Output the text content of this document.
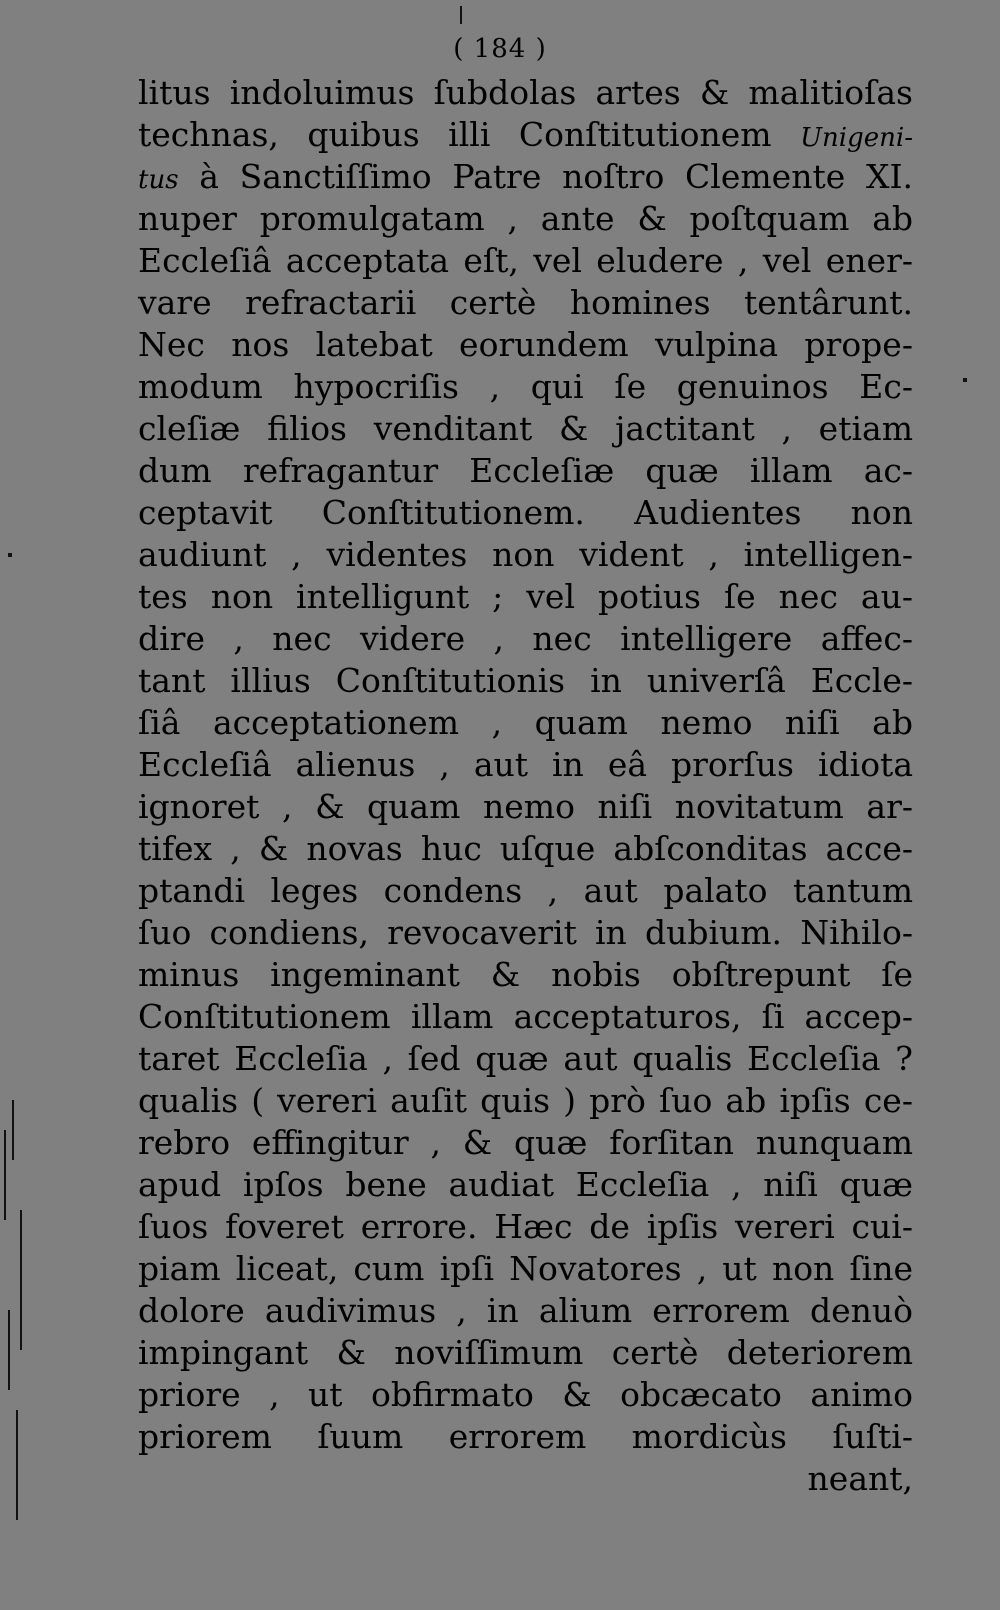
( 184 )
litus indoluimus ſubdolas artes & malitioſas
technas, quibus illi Conſtitutionem Unigeni-
tus à Sanctiſſimo Patre noſtro Clemente XI.
nuper promulgatam , ante & poſtquam ab
Eccleſiâ acceptata eſt, vel eludere , vel ener-
vare refractarii certè homines tentârunt.
Nec nos latebat eorundem vulpina prope-
modum hypocriſis , qui ſe genuinos Ec-
cleſiæ filios venditant & jactitant , etiam
dum refragantur Eccleſiæ quæ illam ac-
ceptavit Conſtitutionem. Audientes non
audiunt , videntes non vident , intelligen-
tes non intelligunt ; vel potius ſe nec au-
dire , nec videre , nec intelligere affec-
tant illius Conſtitutionis in univerſâ Eccle-
ſiâ acceptationem , quam nemo niſi ab
Eccleſiâ alienus , aut in eâ prorſus idiota
ignoret , & quam nemo niſi novitatum ar-
tifex , & novas huc uſque abſconditas acce-
ptandi leges condens , aut palato tantum
ſuo condiens, revocaverit in dubium. Nihilo-
minus ingeminant & nobis obſtrepunt ſe
Conſtitutionem illam acceptaturos, ſi accep-
taret Eccleſia , ſed quæ aut qualis Eccleſia ?
qualis ( vereri auſit quis ) prò ſuo ab ipſis ce-
rebro effingitur , & quæ forſitan nunquam
apud ipſos bene audiat Eccleſia , niſi quæ
ſuos foveret errore. Hæc de ipſis vereri cui-
piam liceat, cum ipſi Novatores , ut non ſine
dolore audivimus , in alium errorem denuò
impingant & noviſſimum certè deteriorem
priore , ut obfirmato & obcæcato animo
priorem ſuum errorem mordicùs ſuſti-
neant,
